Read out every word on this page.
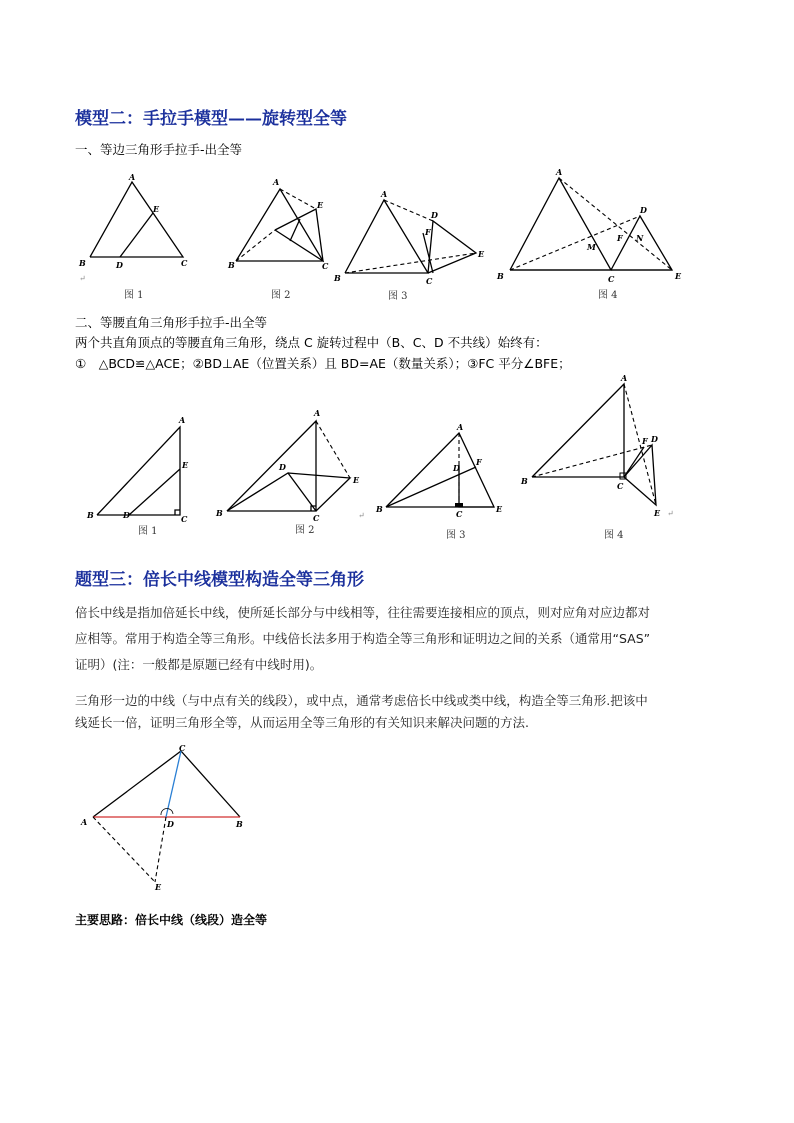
模型二：手拉手模型——旋转型全等
一、等边三角形手拉手-出全等
A
E
B	D	C
↵
图 1
A
E
B	C
图 2
A
D
F
E
B	C
图 3
A
D
F N
M
B	C	E
图 4
二、等腰直角三角形手拉手-出全等
两个共直角顶点的等腰直角三角形，绕点 C 旋转过程中（B、C、D 不共线）始终有：
①　△BCD≌△ACE；②BD⊥AE（位置关系）且 BD=AE（数量关系）；③FC 平分∠BFE；
A
E
B	D	C
图 1
A
D
E
B	C
图 2
↵
A
D
F
B	C	E
图 3
A
F D
B	C
E
图 4
↵
题型三：倍长中线模型构造全等三角形
倍长中线是指加倍延长中线，使所延长部分与中线相等，往往需要连接相应的顶点，则对应角对应边都对
应相等。常用于构造全等三角形。中线倍长法多用于构造全等三角形和证明边之间的关系（通常用“SAS”
证明）(注：一般都是原题已经有中线时用)。
三角形一边的中线（与中点有关的线段），或中点，通常考虑倍长中线或类中线，构造全等三角形.把该中
线延长一倍，证明三角形全等，从而运用全等三角形的有关知识来解决问题的方法.
C
A	D	B
E
主要思路：倍长中线（线段）造全等
